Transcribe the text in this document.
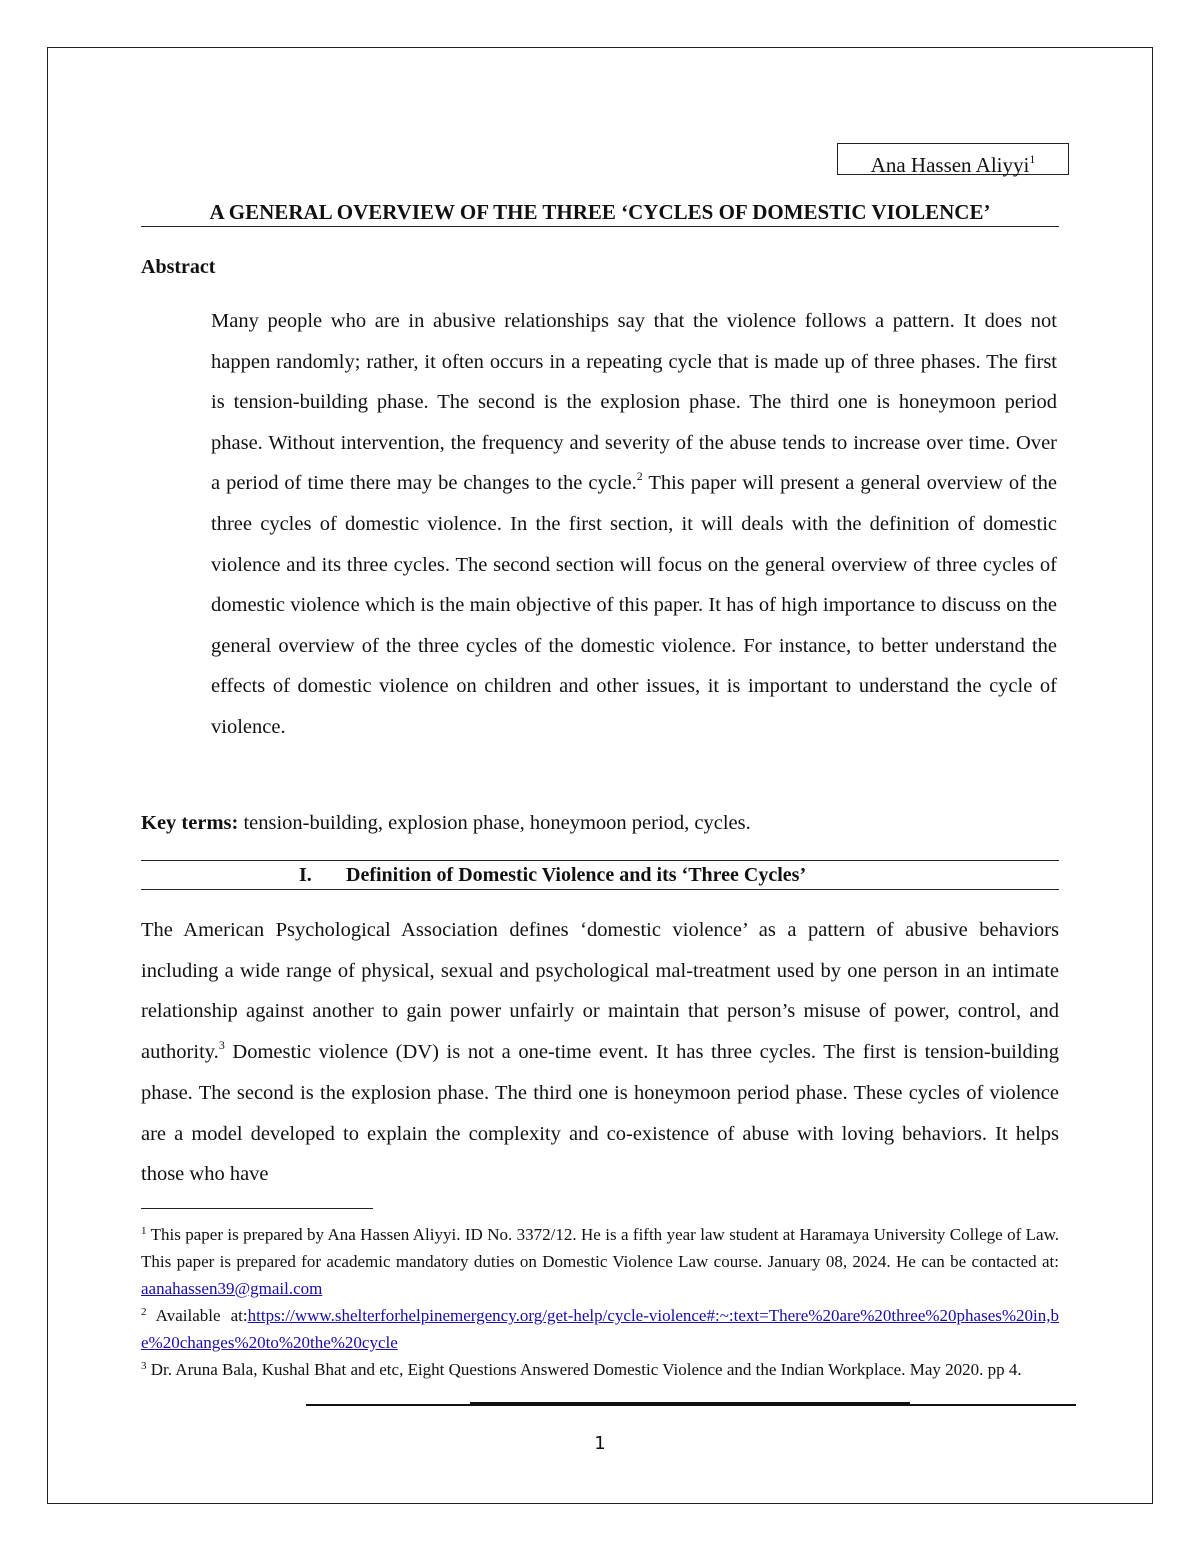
Ana Hassen Aliyyi$^1$
A GENERAL OVERVIEW OF THE THREE ‘CYCLES OF DOMESTIC VIOLENCE’
Abstract
Many people who are in abusive relationships say that the violence follows a pattern. It does not happen randomly; rather, it often occurs in a repeating cycle that is made up of three phases. The first is tension-building phase. The second is the explosion phase. The third one is honeymoon period phase. Without intervention, the frequency and severity of the abuse tends to increase over time. Over a period of time there may be changes to the cycle.$^2$ This paper will present a general overview of the three cycles of domestic violence. In the first section, it will deals with the definition of domestic violence and its three cycles. The second section will focus on the general overview of three cycles of domestic violence which is the main objective of this paper. It has of high importance to discuss on the general overview of the three cycles of the domestic violence. For instance, to better understand the effects of domestic violence on children and other issues, it is important to understand the cycle of violence.
Key terms: tension-building, explosion phase, honeymoon period, cycles.
I. Definition of Domestic Violence and its ‘Three Cycles’
The American Psychological Association defines ‘domestic violence’ as a pattern of abusive behaviors including a wide range of physical, sexual and psychological mal-treatment used by one person in an intimate relationship against another to gain power unfairly or maintain that person’s misuse of power, control, and authority.$^3$ Domestic violence (DV) is not a one-time event. It has three cycles. The first is tension-building phase. The second is the explosion phase. The third one is honeymoon period phase. These cycles of violence are a model developed to explain the complexity and co-existence of abuse with loving behaviors. It helps those who have

$^1$ This paper is prepared by Ana Hassen Aliyyi. ID No. 3372/12. He is a fifth year law student at Haramaya University College of Law. This paper is prepared for academic mandatory duties on Domestic Violence Law course. January 08, 2024. He can be contacted at: aanahassen39@gmail.com

$^2$ Available at:https://www.shelterforhelpinemergency.org/get-help/cycle-violence#:~:text=There%20are%20three%20phases%20in,be%20changes%20to%20the%20cycle

$^3$ Dr. Aruna Bala, Kushal Bhat and etc, Eight Questions Answered Domestic Violence and the Indian Workplace. May 2020. pp 4.

1
